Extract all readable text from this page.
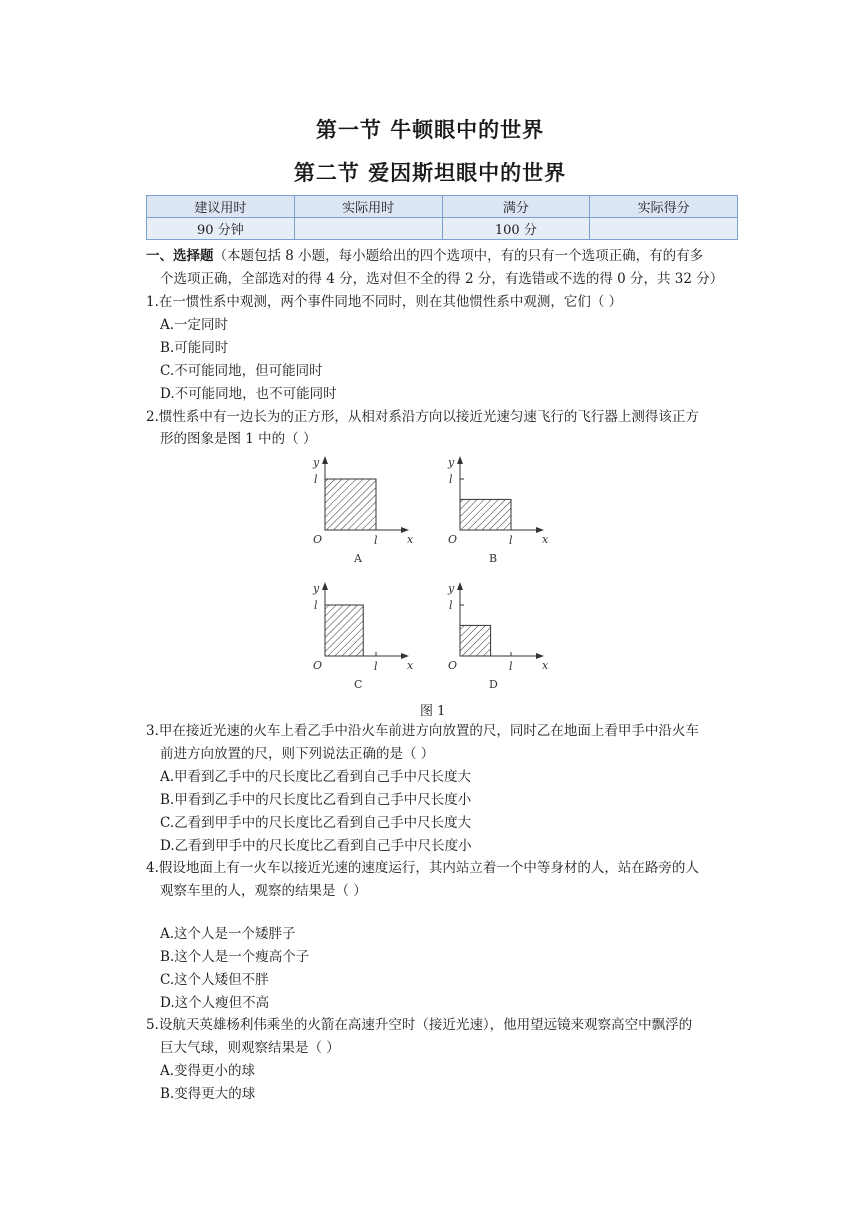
第一节 牛顿眼中的世界
第二节 爱因斯坦眼中的世界
建议用时	实际用时	满分	实际得分
90 分钟		100 分	
一、选择题（本题包括 8 小题，每小题给出的四个选项中，有的只有一个选项正确，有的有多
个选项正确，全部选对的得 4 分，选对但不全的得 2 分，有选错或不选的得 0 分，共 32 分）
1.在一惯性系中观测，两个事件同地不同时，则在其他惯性系中观测，它们（ ）
A.一定同时
B.可能同时
C.不可能同地，但可能同时
D.不可能同地，也不可能同时
2.惯性系中有一边长为的正方形，从相对系沿方向以接近光速匀速飞行的飞行器上测得该正方
形的图象是图 1 中的（ ）
O	x
y
l
l
A
O	x
y
l
l
B
O	x
y
l
l
C
O	x
y
l
l
D
图 1
3.甲在接近光速的火车上看乙手中沿火车前进方向放置的尺，同时乙在地面上看甲手中沿火车
前进方向放置的尺，则下列说法正确的是（ ）
A.甲看到乙手中的尺长度比乙看到自己手中尺长度大
B.甲看到乙手中的尺长度比乙看到自己手中尺长度小
C.乙看到甲手中的尺长度比乙看到自己手中尺长度大
D.乙看到甲手中的尺长度比乙看到自己手中尺长度小
4.假设地面上有一火车以接近光速的速度运行，其内站立着一个中等身材的人，站在路旁的人
观察车里的人，观察的结果是（ ）
A.这个人是一个矮胖子
B.这个人是一个瘦高个子
C.这个人矮但不胖
D.这个人瘦但不高
5.设航天英雄杨利伟乘坐的火箭在高速升空时（接近光速），他用望远镜来观察高空中飘浮的
巨大气球，则观察结果是（ ）
A.变得更小的球
B.变得更大的球
